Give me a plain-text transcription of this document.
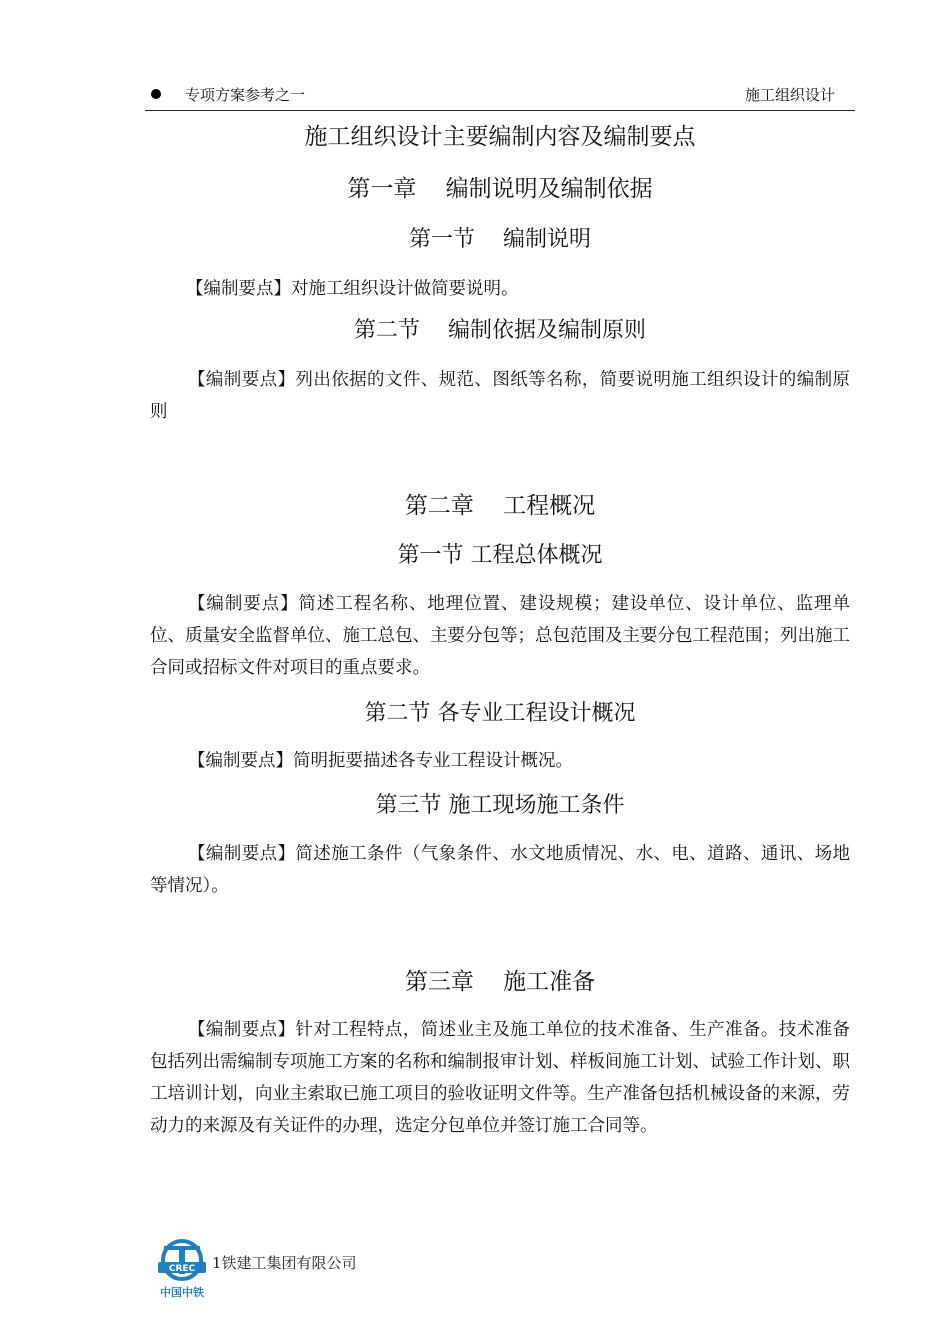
专项方案参考之一	施工组织设计
施工组织设计主要编制内容及编制要点
第一章    编制说明及编制依据
第一节    编制说明

【编制要点】对施工组织设计做简要说明。

第二节    编制依据及编制原则

【编制要点】列出依据的文件、规范、图纸等名称，简要说明施工组织设计的编制原则

第二章    工程概况
第一节 工程总体概况

【编制要点】简述工程名称、地理位置、建设规模；建设单位、设计单位、监理单位、质量安全监督单位、施工总包、主要分包等；总包范围及主要分包工程范围；列出施工合同或招标文件对项目的重点要求。

第二节 各专业工程设计概况

【编制要点】简明扼要描述各专业工程设计概况。

第三节 施工现场施工条件

【编制要点】简述施工条件（气象条件、水文地质情况、水、电、道路、通讯、场地等情况）。

第三章    施工准备

【编制要点】针对工程特点，简述业主及施工单位的技术准备、生产准备。技术准备包括列出需编制专项施工方案的名称和编制报审计划、样板间施工计划、试验工作计划、职工培训计划，向业主索取已施工项目的验收证明文件等。生产准备包括机械设备的来源，劳动力的来源及有关证件的办理，选定分包单位并签订施工合同等。

CREC
中国中铁
1铁建工集团有限公司
